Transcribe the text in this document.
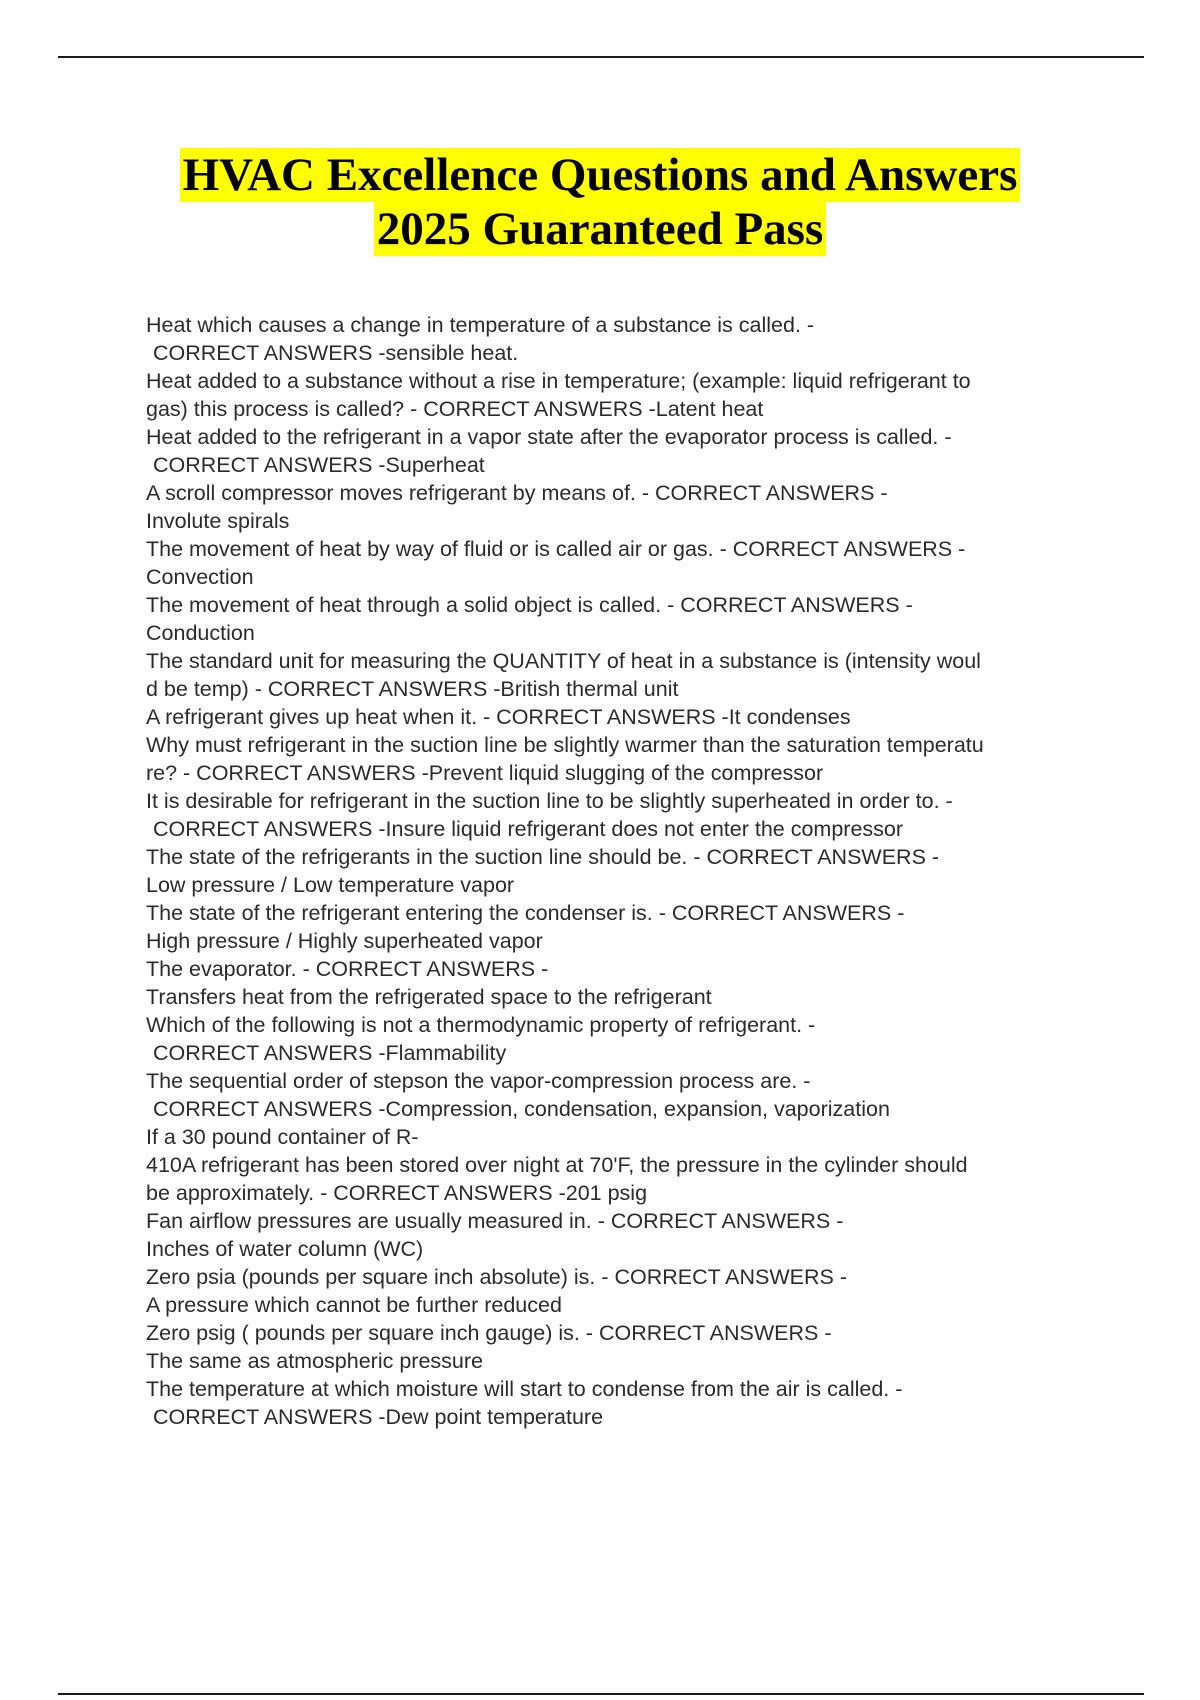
HVAC Excellence Questions and Answers
2025 Guaranteed Pass

Heat which causes a change in temperature of a substance is called. -
CORRECT ANSWERS -sensible heat.

Heat added to a substance without a rise in temperature; (example: liquid refrigerant to
gas) this process is called? - CORRECT ANSWERS -Latent heat

Heat added to the refrigerant in a vapor state after the evaporator process is called. -
CORRECT ANSWERS -Superheat

A scroll compressor moves refrigerant by means of. - CORRECT ANSWERS -
Involute spirals

The movement of heat by way of fluid or is called air or gas. - CORRECT ANSWERS -
Convection

The movement of heat through a solid object is called. - CORRECT ANSWERS -
Conduction

The standard unit for measuring the QUANTITY of heat in a substance is (intensity woul
d be temp) - CORRECT ANSWERS -British thermal unit

A refrigerant gives up heat when it. - CORRECT ANSWERS -It condenses

Why must refrigerant in the suction line be slightly warmer than the saturation temperatu
re? - CORRECT ANSWERS -Prevent liquid slugging of the compressor

It is desirable for refrigerant in the suction line to be slightly superheated in order to. -
CORRECT ANSWERS -Insure liquid refrigerant does not enter the compressor

The state of the refrigerants in the suction line should be. - CORRECT ANSWERS -
Low pressure / Low temperature vapor

The state of the refrigerant entering the condenser is. - CORRECT ANSWERS -
High pressure / Highly superheated vapor

The evaporator. - CORRECT ANSWERS -
Transfers heat from the refrigerated space to the refrigerant

Which of the following is not a thermodynamic property of refrigerant. -
CORRECT ANSWERS -Flammability

The sequential order of stepson the vapor-compression process are. -
CORRECT ANSWERS -Compression, condensation, expansion, vaporization

If a 30 pound container of R-
410A refrigerant has been stored over night at 70'F, the pressure in the cylinder should

be approximately. - CORRECT ANSWERS -201 psig

Fan airflow pressures are usually measured in. - CORRECT ANSWERS -
Inches of water column (WC)

Zero psia (pounds per square inch absolute) is. - CORRECT ANSWERS -
A pressure which cannot be further reduced

Zero psig ( pounds per square inch gauge) is. - CORRECT ANSWERS -
The same as atmospheric pressure

The temperature at which moisture will start to condense from the air is called. -
CORRECT ANSWERS -Dew point temperature
